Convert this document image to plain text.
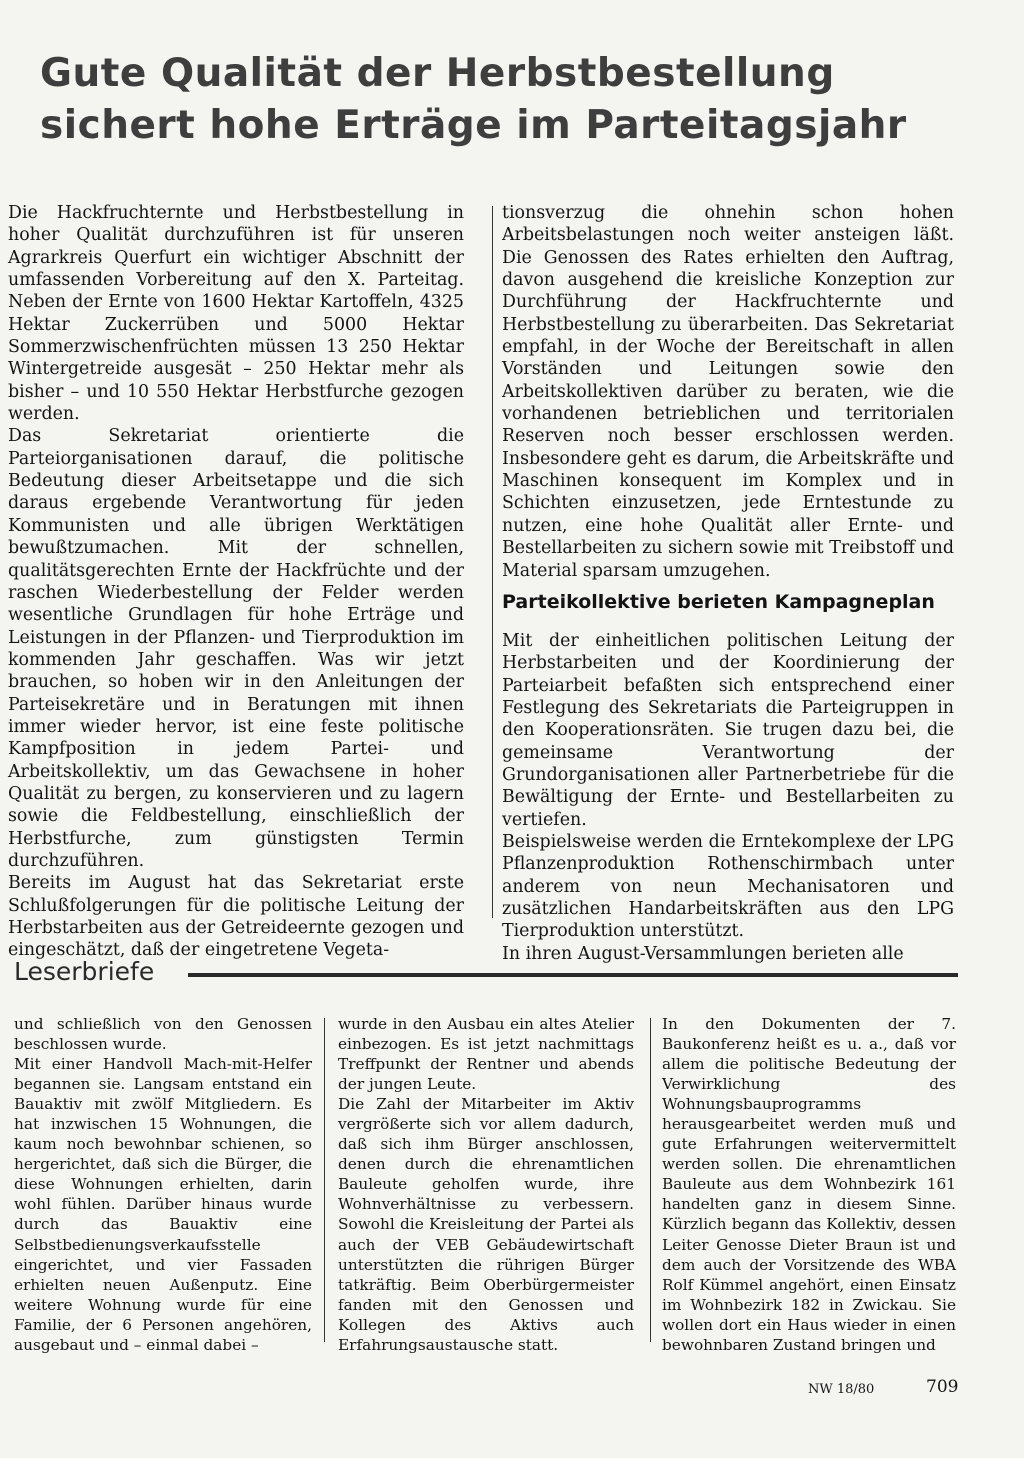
Gute Qualität der Herbstbestellung
sichert hohe Erträge im Parteitagsjahr

Die Hackfruchternte und Herbstbestellung in hoher Qualität durchzuführen ist für unseren Agrarkreis Querfurt ein wichtiger Abschnitt der umfassenden Vorbereitung auf den X. Parteitag. Neben der Ernte von 1600 Hektar Kartoffeln, 4325 Hektar Zuckerrüben und 5000 Hektar Sommerzwischenfrüchten müssen 13 250 Hektar Wintergetreide ausgesät – 250 Hektar mehr als bisher – und 10 550 Hektar Herbstfurche gezogen werden.

Das Sekretariat orientierte die Parteiorganisationen darauf, die politische Bedeutung dieser Arbeitsetappe und die sich daraus ergebende Verantwortung für jeden Kommunisten und alle übrigen Werktätigen bewußtzumachen. Mit der schnellen, qualitätsgerechten Ernte der Hackfrüchte und der raschen Wiederbestellung der Felder werden wesentliche Grundlagen für hohe Erträge und Leistungen in der Pflanzen- und Tierproduktion im kommenden Jahr geschaffen. Was wir jetzt brauchen, so hoben wir in den Anleitungen der Parteisekretäre und in Beratungen mit ihnen immer wieder hervor, ist eine feste politische Kampfposition in jedem Partei- und Arbeitskollektiv, um das Gewachsene in hoher Qualität zu bergen, zu konservieren und zu lagern sowie die Feldbestellung, einschließlich der Herbstfurche, zum günstigsten Termin durchzuführen.

Bereits im August hat das Sekretariat erste Schlußfolgerungen für die politische Leitung der Herbstarbeiten aus der Getreideernte gezogen und eingeschätzt, daß der eingetretene Vegeta-

tionsverzug die ohnehin schon hohen Arbeitsbelastungen noch weiter ansteigen läßt. Die Genossen des Rates erhielten den Auftrag, davon ausgehend die kreisliche Konzeption zur Durchführung der Hackfruchternte und Herbstbestellung zu überarbeiten. Das Sekretariat empfahl, in der Woche der Bereitschaft in allen Vorständen und Leitungen sowie den Arbeitskollektiven darüber zu beraten, wie die vorhandenen betrieblichen und territorialen Reserven noch besser erschlossen werden. Insbesondere geht es darum, die Arbeitskräfte und Maschinen konsequent im Komplex und in Schichten einzusetzen, jede Erntestunde zu nutzen, eine hohe Qualität aller Ernte- und Bestellarbeiten zu sichern sowie mit Treibstoff und Material sparsam umzugehen.

Parteikollektive berieten Kampagneplan

Mit der einheitlichen politischen Leitung der Herbstarbeiten und der Koordinierung der Parteiarbeit befaßten sich entsprechend einer Festlegung des Sekretariats die Parteigruppen in den Kooperationsräten. Sie trugen dazu bei, die gemeinsame Verantwortung der Grundorganisationen aller Partnerbetriebe für die Bewältigung der Ernte- und Bestellarbeiten zu vertiefen.

Beispielsweise werden die Erntekomplexe der LPG Pflanzenproduktion Rothenschirmbach unter anderem von neun Mechanisatoren und zusätzlichen Handarbeitskräften aus den LPG Tierproduktion unterstützt.

In ihren August-Versammlungen berieten alle

Leserbriefe

und schließlich von den Genossen beschlossen wurde.

Mit einer Handvoll Mach-mit-Helfer begannen sie. Langsam entstand ein Bauaktiv mit zwölf Mitgliedern. Es hat inzwischen 15 Wohnungen, die kaum noch bewohnbar schienen, so hergerichtet, daß sich die Bürger, die diese Wohnungen erhielten, darin wohl fühlen. Darüber hinaus wurde durch das Bauaktiv eine Selbstbedienungsverkaufsstelle eingerichtet, und vier Fassaden erhielten neuen Außenputz. Eine weitere Wohnung wurde für eine Familie, der 6 Personen angehören, ausgebaut und – einmal dabei –

wurde in den Ausbau ein altes Atelier einbezogen. Es ist jetzt nachmittags Treffpunkt der Rentner und abends der jungen Leute.

Die Zahl der Mitarbeiter im Aktiv vergrößerte sich vor allem dadurch, daß sich ihm Bürger anschlossen, denen durch die ehrenamtlichen Bauleute geholfen wurde, ihre Wohnverhältnisse zu verbessern. Sowohl die Kreisleitung der Partei als auch der VEB Gebäudewirtschaft unterstützten die rührigen Bürger tatkräftig. Beim Oberbürgermeister fanden mit den Genossen und Kollegen des Aktivs auch Erfahrungsaustausche statt.

In den Dokumenten der 7. Baukonferenz heißt es u. a., daß vor allem die politische Bedeutung der Verwirklichung des Wohnungsbauprogramms herausgearbeitet werden muß und gute Erfahrungen weitervermittelt werden sollen. Die ehrenamtlichen Bauleute aus dem Wohnbezirk 161 handelten ganz in diesem Sinne. Kürzlich begann das Kollektiv, dessen Leiter Genosse Dieter Braun ist und dem auch der Vorsitzende des WBA Rolf Kümmel angehört, einen Einsatz im Wohnbezirk 182 in Zwickau. Sie wollen dort ein Haus wieder in einen bewohnbaren Zustand bringen und

NW 18/80	709
